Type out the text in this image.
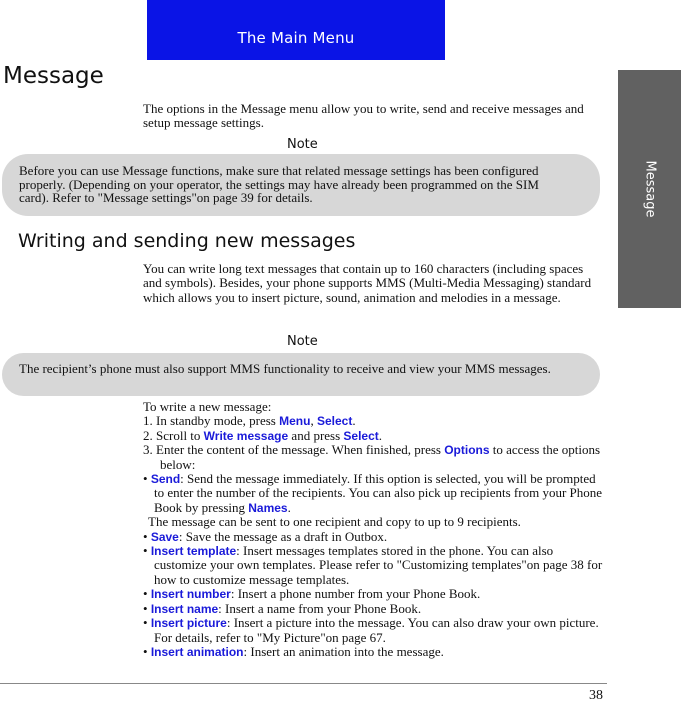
The Main Menu
Message
Message
The options in the Message menu allow you to write, send and receive messages and setup message settings.
Note
Before you can use Message functions, make sure that related message settings has been configured properly. (Depending on your operator, the settings may have already been programmed on the SIM card). Refer to "Message settings"on page 39 for details.
Writing and sending new messages
You can write long text messages that contain up to 160 characters (including spaces and symbols). Besides, your phone supports MMS (Multi-Media Messaging) standard which allows you to insert picture, sound, animation and melodies in a message.
Note
The recipient’s phone must also support MMS functionality to receive and view your MMS messages.
To write a new message:
1. In standby mode, press Menu, Select.
2. Scroll to Write message and press Select.
3. Enter the content of the message. When finished, press Options to access the options below:
• Send: Send the message immediately. If this option is selected, you will be prompted to enter the number of the recipients. You can also pick up recipients from your Phone Book by pressing Names.
The message can be sent to one recipient and copy to up to 9 recipients.
• Save: Save the message as a draft in Outbox.
• Insert template: Insert messages templates stored in the phone. You can also customize your own templates. Please refer to "Customizing templates"on page 38 for how to customize message templates.
• Insert number: Insert a phone number from your Phone Book.
• Insert name: Insert a name from your Phone Book.
• Insert picture: Insert a picture into the message. You can also draw your own picture. For details, refer to "My Picture"on page 67.
• Insert animation: Insert an animation into the message.
38
